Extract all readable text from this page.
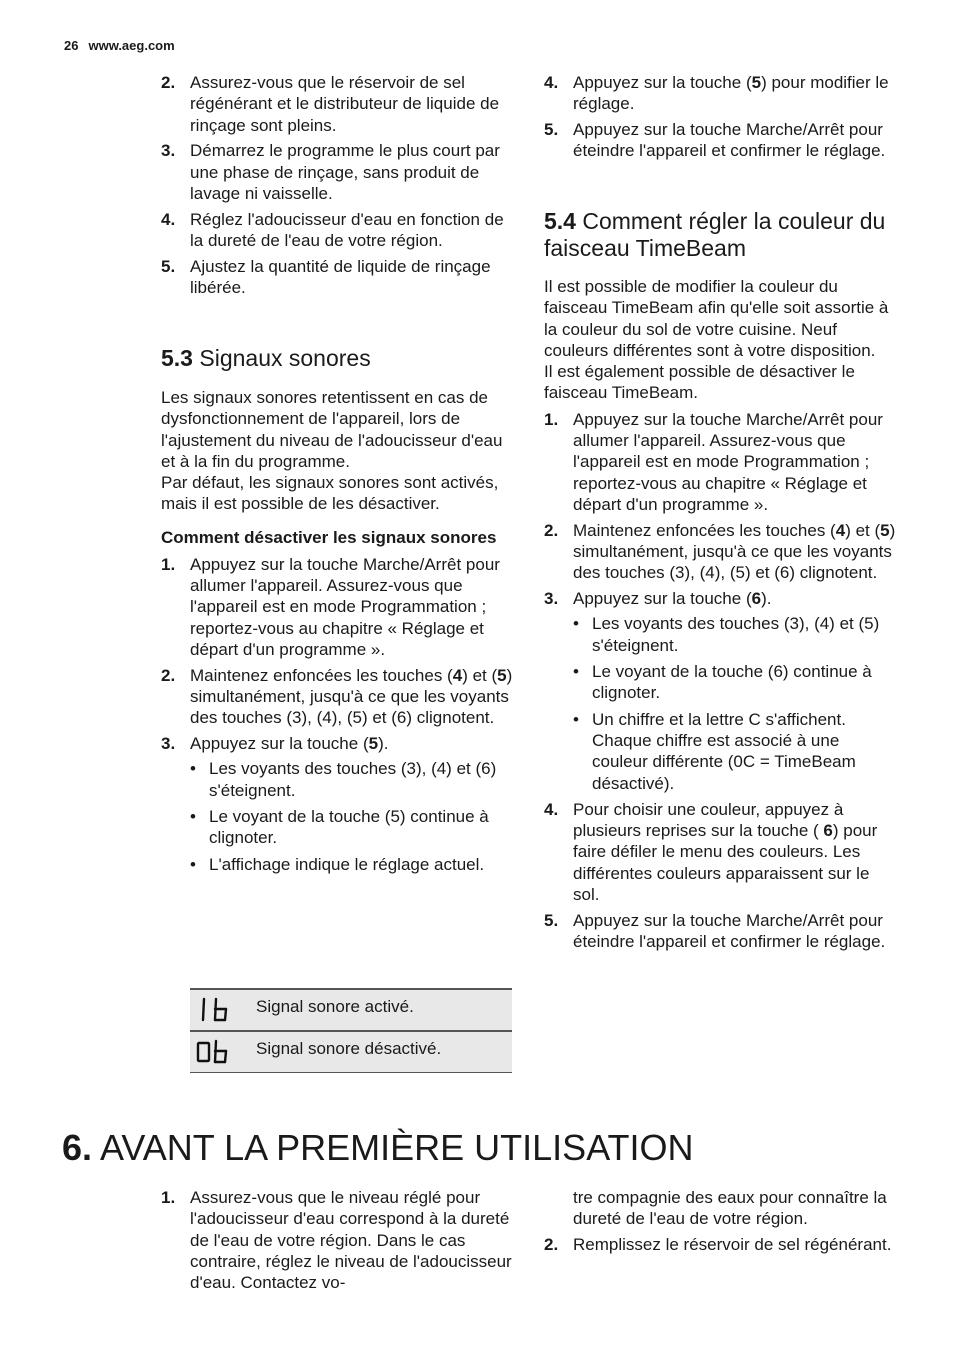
26 www.aeg.com
2. Assurez-vous que le réservoir de sel régénérant et le distributeur de liquide de rinçage sont pleins.
3. Démarrez le programme le plus court par une phase de rinçage, sans produit de lavage ni vaisselle.
4. Réglez l'adoucisseur d'eau en fonction de la dureté de l'eau de votre région.
5. Ajustez la quantité de liquide de rinçage libérée.
5.3 Signaux sonores

Les signaux sonores retentissent en cas de dysfonctionnement de l'appareil, lors de l'ajustement du niveau de l'adoucisseur d'eau et à la fin du programme.

Par défaut, les signaux sonores sont activés, mais il est possible de les désactiver.

Comment désactiver les signaux sonores

1. Appuyez sur la touche Marche/Arrêt pour allumer l'appareil. Assurez-vous que l'appareil est en mode Programmation ; reportez-vous au chapitre « Réglage et départ d'un programme ».
2. Maintenez enfoncées les touches (4) et (5) simultanément, jusqu'à ce que les voyants des touches (3), (4), (5) et (6) clignotent.
3. Appuyez sur la touche (5).
• Les voyants des touches (3), (4) et (6) s'éteignent.
• Le voyant de la touche (5) continue à clignoter.
• L'affichage indique le réglage actuel.
Signal sonore activé.
Signal sonore désactivé.
4. Appuyez sur la touche (5) pour modifier le réglage.
5. Appuyez sur la touche Marche/Arrêt pour éteindre l'appareil et confirmer le réglage.
5.4 Comment régler la couleur du faisceau TimeBeam

Il est possible de modifier la couleur du faisceau TimeBeam afin qu'elle soit assortie à la couleur du sol de votre cuisine. Neuf couleurs différentes sont à votre disposition.

Il est également possible de désactiver le faisceau TimeBeam.

1. Appuyez sur la touche Marche/Arrêt pour allumer l'appareil. Assurez-vous que l'appareil est en mode Programmation ; reportez-vous au chapitre « Réglage et départ d'un programme ».
2. Maintenez enfoncées les touches (4) et (5) simultanément, jusqu'à ce que les voyants des touches (3), (4), (5) et (6) clignotent.
3. Appuyez sur la touche (6).
• Les voyants des touches (3), (4) et (5) s'éteignent.
• Le voyant de la touche (6) continue à clignoter.
• Un chiffre et la lettre C s'affichent. Chaque chiffre est associé à une couleur différente (0C = TimeBeam désactivé).
4. Pour choisir une couleur, appuyez à plusieurs reprises sur la touche ( 6) pour faire défiler le menu des couleurs. Les différentes couleurs apparaissent sur le sol.
5. Appuyez sur la touche Marche/Arrêt pour éteindre l'appareil et confirmer le réglage.
6. AVANT LA PREMIÈRE UTILISATION
1. Assurez-vous que le niveau réglé pour l'adoucisseur d'eau correspond à la dureté de l'eau de votre région. Dans le cas contraire, réglez le niveau de l'adoucisseur d'eau. Contactez vo-

tre compagnie des eaux pour connaître la dureté de l'eau de votre région.

2. Remplissez le réservoir de sel régénérant.
